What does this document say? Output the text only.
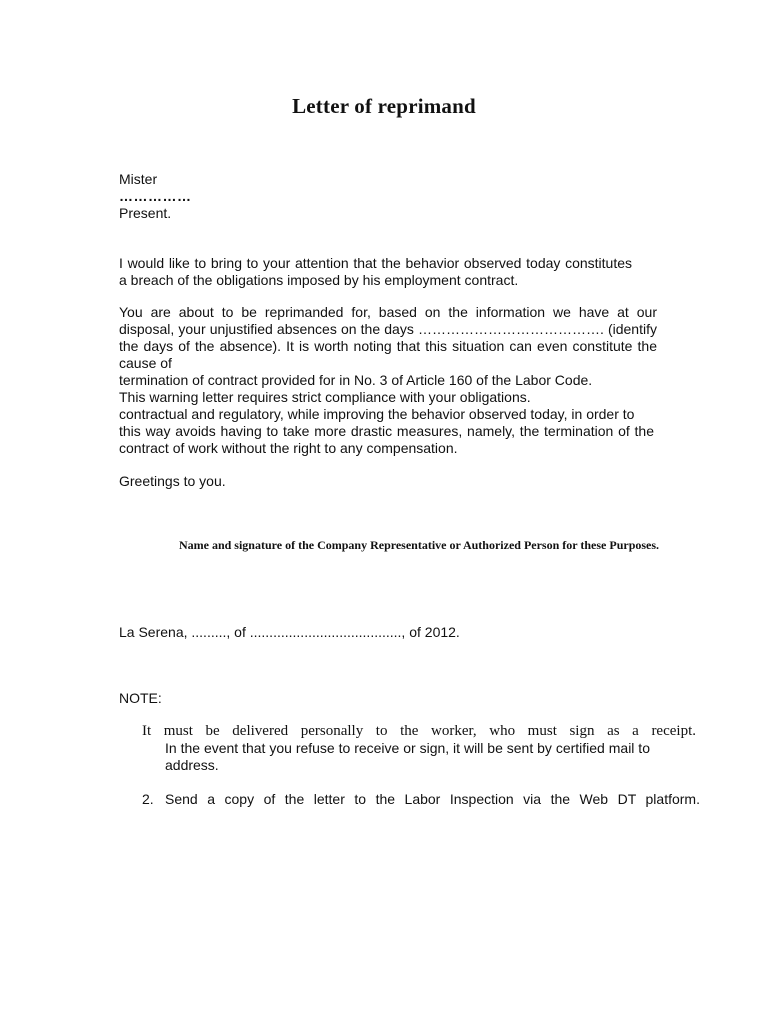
Letter of reprimand

Mister

……………

Present.

I would like to bring to your attention that the behavior observed today constitutes a breach of the obligations imposed by his employment contract.

You are about to be reprimanded for, based on the information we have at our disposal, your unjustified absences on the days …………………………………. (identify the days of the absence). It is worth noting that this situation can even constitute the cause of

termination of contract provided for in No. 3 of Article 160 of the Labor Code.

This warning letter requires strict compliance with your obligations.

contractual and regulatory, while improving the behavior observed today, in order to

this way avoids having to take more drastic measures, namely, the termination of the contract of work without the right to any compensation.

Greetings to you.

Name and signature of the Company Representative or Authorized Person for these Purposes.

La Serena, ........., of ......................................., of 2012.

NOTE:

It must be delivered personally to the worker, who must sign as a receipt.
In the event that you refuse to receive or sign, it will be sent by certified mail to address.
2. Send a copy of the letter to the Labor Inspection via the Web DT platform.
